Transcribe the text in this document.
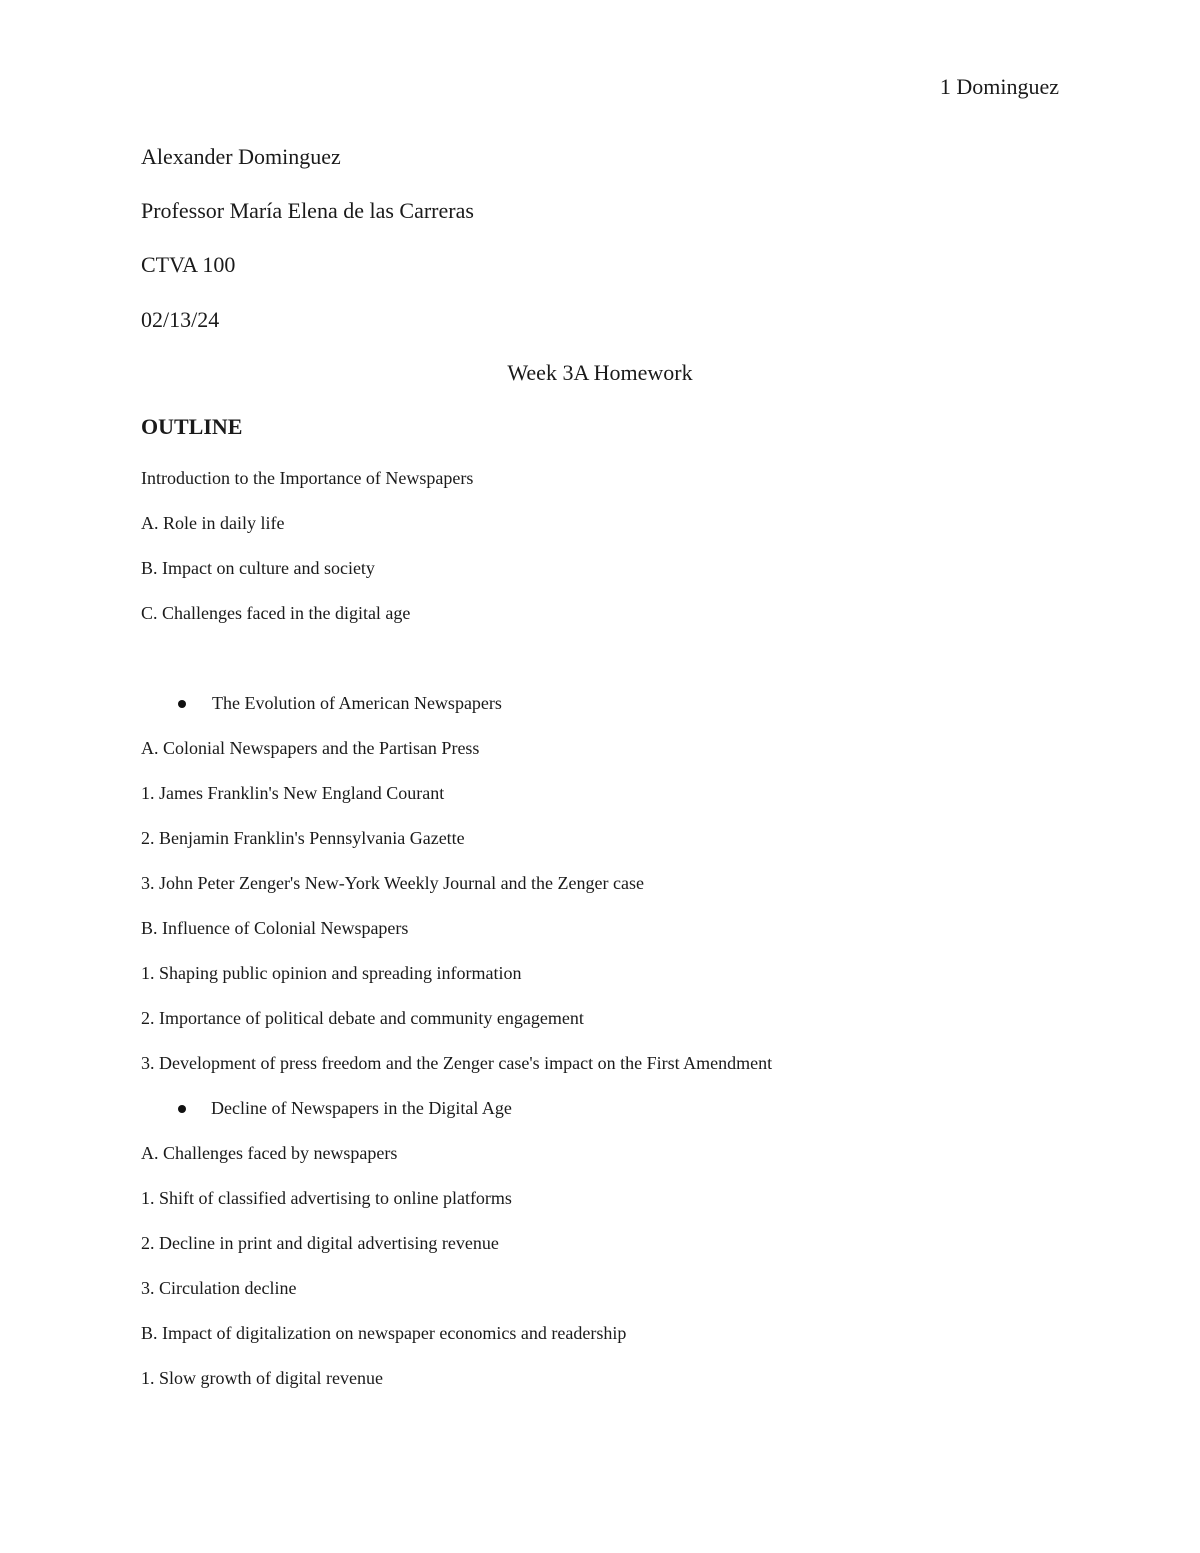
1 Dominguez
Alexander Dominguez
Professor María Elena de las Carreras
CTVA 100
02/13/24
Week 3A Homework
OUTLINE
Introduction to the Importance of Newspapers
A. Role in daily life
B. Impact on culture and society
C. Challenges faced in the digital age
The Evolution of American Newspapers
A. Colonial Newspapers and the Partisan Press
1. James Franklin's New England Courant
2. Benjamin Franklin's Pennsylvania Gazette
3. John Peter Zenger's New-York Weekly Journal and the Zenger case
B. Influence of Colonial Newspapers
1. Shaping public opinion and spreading information
2. Importance of political debate and community engagement
3. Development of press freedom and the Zenger case's impact on the First Amendment
Decline of Newspapers in the Digital Age
A. Challenges faced by newspapers
1. Shift of classified advertising to online platforms
2. Decline in print and digital advertising revenue
3. Circulation decline
B. Impact of digitalization on newspaper economics and readership
1. Slow growth of digital revenue
